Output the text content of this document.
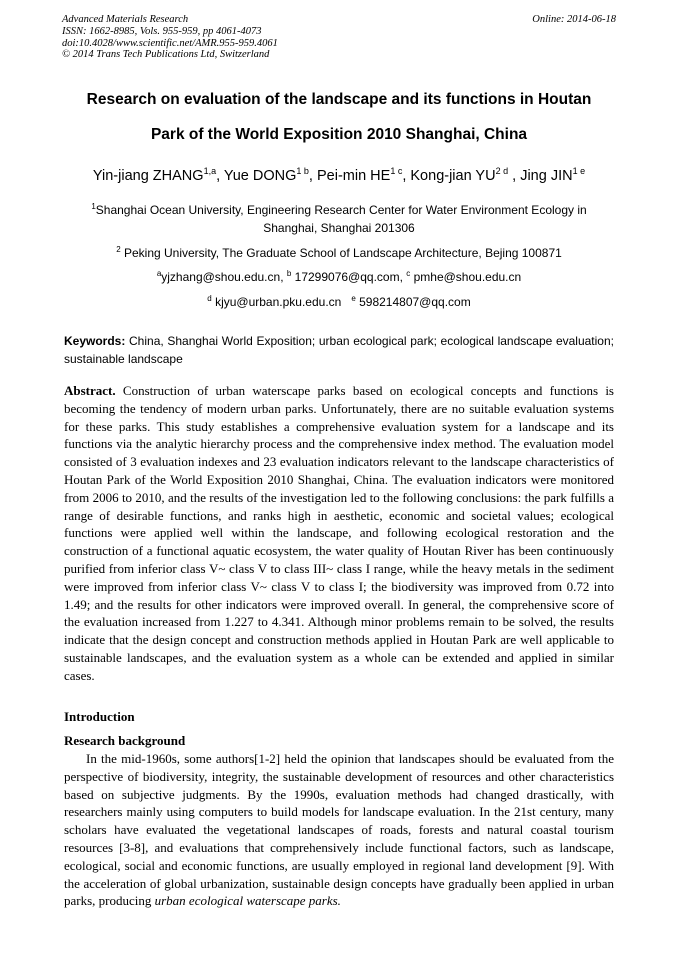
Advanced Materials Research
ISSN: 1662-8985, Vols. 955-959, pp 4061-4073
doi:10.4028/www.scientific.net/AMR.955-959.4061
© 2014 Trans Tech Publications Ltd, Switzerland
Online: 2014-06-18
Research on evaluation of the landscape and its functions in Houtan
Park of the World Exposition 2010 Shanghai, China
Yin-jiang ZHANG$^{1,a}$, Yue $DONG^{1 b}$, Pei-min $HE^{1 c}$, Kong-jian $YU^{2 d}$ , Jing $JIN^{1 e}$
$^1$Shanghai Ocean University, Engineering Research Center for Water Environment Ecology in Shanghai, Shanghai 201306
$^2$ Peking University, The Graduate School of Landscape Architecture, Bejing 100871
$^a$yjzhang@shou.edu.cn, $^b$ 17299076@qq.com, $^c$ pmhe@shou.edu.cn
$^d$ kjyu@urban.pku.edu.cn   $^e$ 598214807@qq.com
Keywords: China, Shanghai World Exposition; urban ecological park; ecological landscape evaluation; sustainable landscape
Abstract. Construction of urban waterscape parks based on ecological concepts and functions is becoming the tendency of modern urban parks. Unfortunately, there are no suitable evaluation systems for these parks. This study establishes a comprehensive evaluation system for a landscape and its functions via the analytic hierarchy process and the comprehensive index method. The evaluation model consisted of 3 evaluation indexes and 23 evaluation indicators relevant to the landscape characteristics of Houtan Park of the World Exposition 2010 Shanghai, China. The evaluation indicators were monitored from 2006 to 2010, and the results of the investigation led to the following conclusions: the park fulfills a range of desirable functions, and ranks high in aesthetic, economic and societal values; ecological functions were applied well within the landscape, and following ecological restoration and the construction of a functional aquatic ecosystem, the water quality of Houtan River has been continuously purified from inferior class V~ class V to class III~ class I range, while the heavy metals in the sediment were improved from inferior class V~ class V to class I; the biodiversity was improved from 0.72 into 1.49; and the results for other indicators were improved overall. In general, the comprehensive score of the evaluation increased from 1.227 to 4.341. Although minor problems remain to be solved, the results indicate that the design concept and construction methods applied in Houtan Park are well applicable to sustainable landscapes, and the evaluation system as a whole can be extended and applied in similar cases.
Introduction
Research background
In the mid-1960s, some authors[1-2] held the opinion that landscapes should be evaluated from the perspective of biodiversity, integrity, the sustainable development of resources and other characteristics based on subjective judgments. By the 1990s, evaluation methods had changed drastically, with researchers mainly using computers to build models for landscape evaluation. In the 21st century, many scholars have evaluated the vegetational landscapes of roads, forests and natural coastal tourism resources [3-8], and evaluations that comprehensively include functional factors, such as landscape, ecological, social and economic functions, are usually employed in regional land development [9]. With the acceleration of global urbanization, sustainable design concepts have gradually been applied in urban parks, producing urban ecological waterscape parks.
